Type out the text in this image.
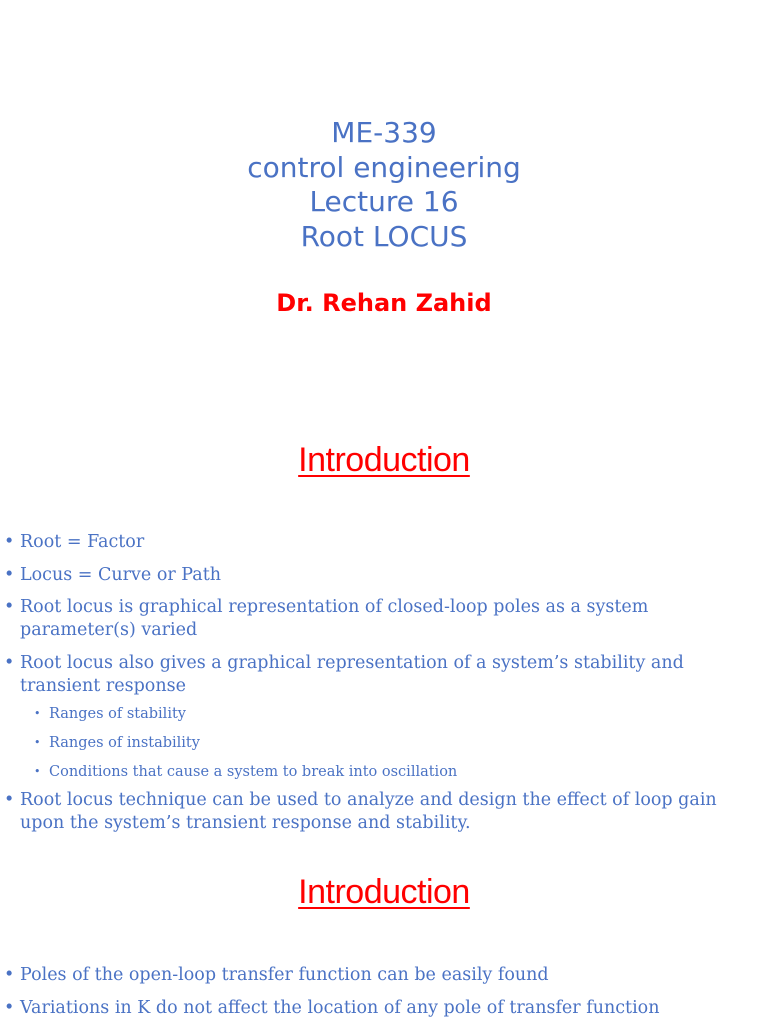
ME-339
control engineering
Lecture 16
Root LOCUS
Dr. Rehan Zahid
Introduction
• Root = Factor
• Locus = Curve or Path
• Root locus is graphical representation of closed-loop poles as a system parameter(s) varied
• Root locus also gives a graphical representation of a system’s stability and transient response
• Ranges of stability
• Ranges of instability
• Conditions that cause a system to break into oscillation
• Root locus technique can be used to analyze and design the effect of loop gain upon the system’s transient response and stability.
Introduction
• Poles of the open-loop transfer function can be easily found
• Variations in K do not affect the location of any pole of transfer function
